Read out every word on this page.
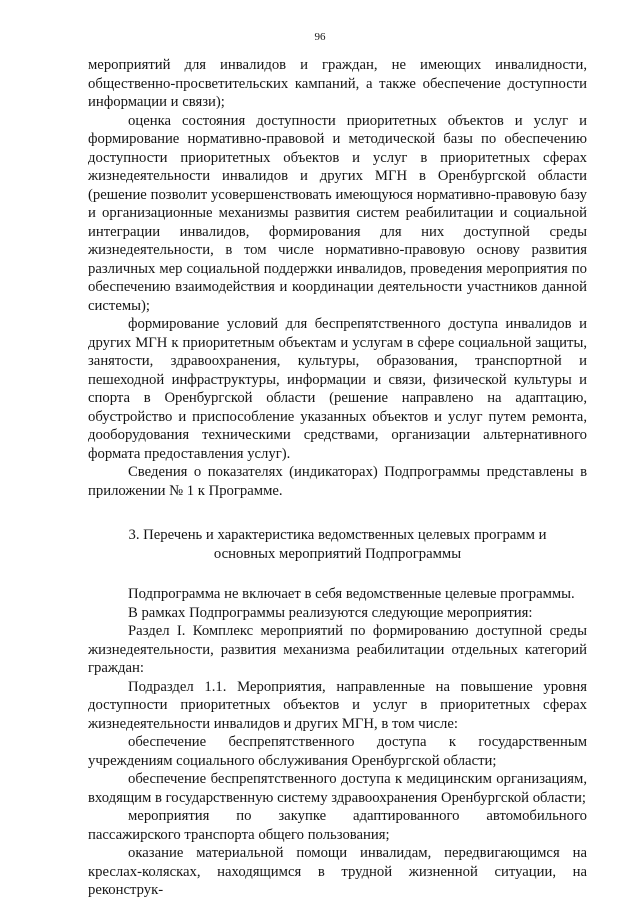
96

мероприятий для инвалидов и граждан, не имеющих инвалидности, общественно-просветительских кампаний, а также обеспечение доступности информации и связи);

оценка состояния доступности приоритетных объектов и услуг и формирование нормативно-правовой и методической базы по обеспечению доступности приоритетных объектов и услуг в приоритетных сферах жизнедеятельности инвалидов и других МГН в Оренбургской области (решение позволит усовершенствовать имеющуюся нормативно-правовую базу и организационные механизмы развития систем реабилитации и социальной интеграции инвалидов, формирования для них доступной среды жизнедеятельности, в том числе нормативно-правовую основу развития различных мер социальной поддержки инвалидов, проведения мероприятия по обеспечению взаимодействия и координации деятельности участников данной системы);

формирование условий для беспрепятственного доступа инвалидов и других МГН к приоритетным объектам и услугам в сфере социальной защиты, занятости, здравоохранения, культуры, образования, транспортной и пешеходной инфраструктуры, информации и связи, физической культуры и спорта в Оренбургской области (решение направлено на адаптацию, обустройство и приспособление указанных объектов и услуг путем ремонта, дооборудования техническими средствами, организации альтернативного формата предоставления услуг).

Сведения о показателях (индикаторах) Подпрограммы представлены в приложении № 1 к Программе.

3. Перечень и характеристика ведомственных целевых программ и
основных мероприятий Подпрограммы

Подпрограмма не включает в себя ведомственные целевые программы.

В рамках Подпрограммы реализуются следующие мероприятия:

Раздел I. Комплекс мероприятий по формированию доступной среды жизнедеятельности, развития механизма реабилитации отдельных категорий граждан:

Подраздел 1.1. Мероприятия, направленные на повышение уровня доступности приоритетных объектов и услуг в приоритетных сферах жизнедеятельности инвалидов и других МГН, в том числе:

обеспечение беспрепятственного доступа к государственным учреждениям социального обслуживания Оренбургской области;

обеспечение беспрепятственного доступа к медицинским организациям, входящим в государственную систему здравоохранения Оренбургской области;

мероприятия по закупке адаптированного автомобильного пассажирского транспорта общего пользования;

оказание материальной помощи инвалидам, передвигающимся на креслах-колясках, находящимся в трудной жизненной ситуации, на реконструк-
